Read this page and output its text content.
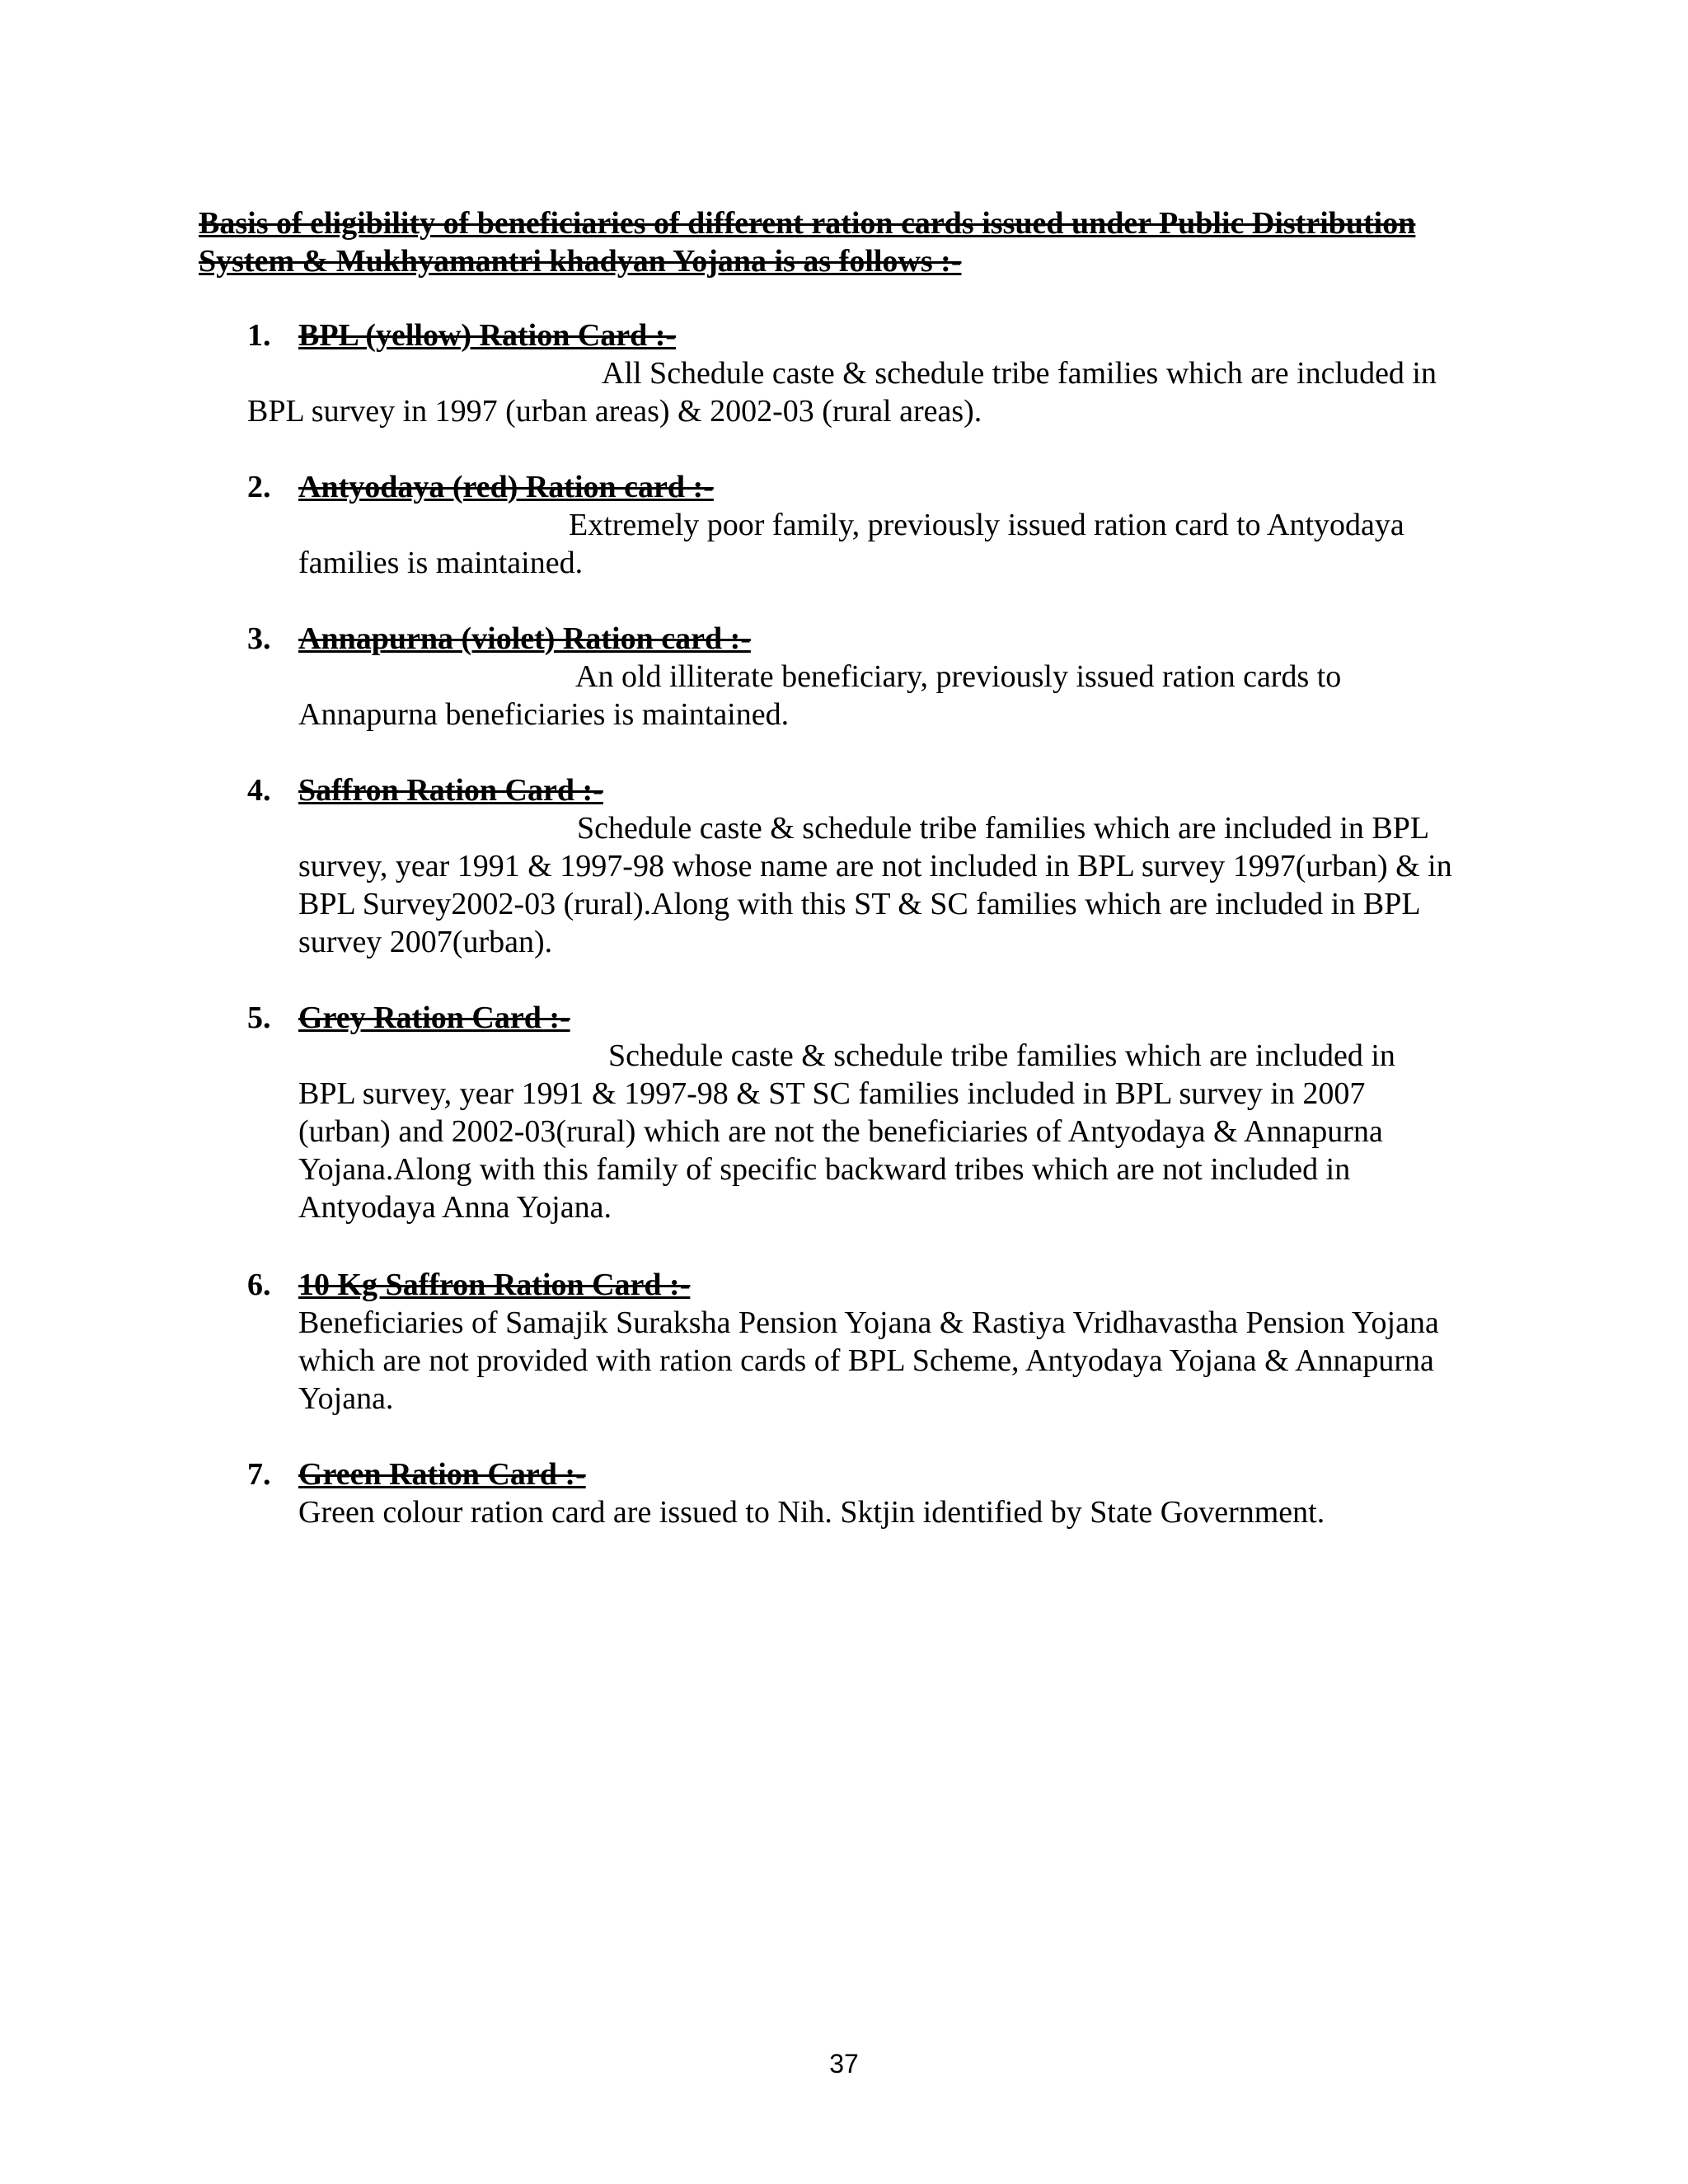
Basis of eligibility of beneficiaries of different ration cards issued under Public Distribution System & Mukhyamantri khadyan Yojana is as follows :-
1. BPL (yellow) Ration Card :-

All Schedule caste & schedule tribe families which are included in BPL survey in 1997 (urban areas) & 2002-03 (rural areas).

2. Antyodaya (red) Ration card :-

Extremely poor family, previously issued ration card to Antyodaya families is maintained.

3. Annapurna (violet) Ration card :-

An old illiterate beneficiary, previously issued ration cards to Annapurna beneficiaries is maintained.

4. Saffron Ration Card :-

Schedule caste & schedule tribe families which are included in BPL survey, year 1991 & 1997-98 whose name are not included in BPL survey 1997(urban) & in BPL Survey2002-03 (rural).Along with this ST & SC families which are included in BPL survey 2007(urban).

5. Grey Ration Card :-

Schedule caste & schedule tribe families which are included in BPL survey, year 1991 & 1997-98 & ST SC families included in BPL survey in 2007 (urban) and 2002-03(rural) which are not the beneficiaries of Antyodaya & Annapurna Yojana.Along with this family of specific backward tribes which are not included in Antyodaya Anna Yojana.

6. 10 Kg Saffron Ration Card :-

Beneficiaries of Samajik Suraksha Pension Yojana & Rastiya Vridhavastha Pension Yojana which are not provided with ration cards of BPL Scheme, Antyodaya Yojana & Annapurna Yojana.

7. Green Ration Card :-

Green colour ration card are issued to Nih. Sktjin identified by State Government.

37
